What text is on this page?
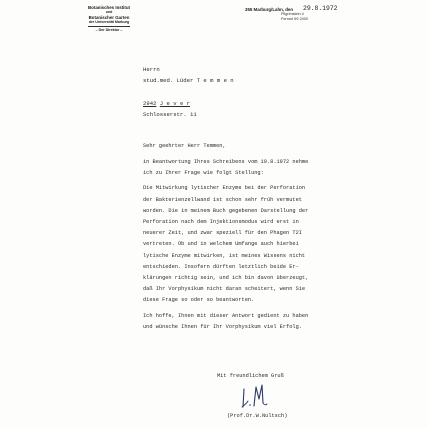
Botanisches Institut
und
Botanischer Garten
der Universität Marburg
– Der Direktor –
355 Marburg/Lahn, den	29.8.1972
Pilgrimstein 4
Fernruf 69 2400
Herrn
stud.med. Lüder T e m m e n
2942 J e v e r
Schlosserstr. 11

Sehr geehrter Herr Temmen,

in Beantwortung Ihres Schreibens vom 10.8.1972 nehme
ich zu Ihrer Frage wie folgt Stellung:
Die Mitwirkung lytischer Enzyme bei der Perforation
der Bakterienzellwand ist schon sehr früh vermutet
worden. Die in meinem Buch gegebenen Darstellung der
Perforation nach dem Injektionsmodus wird erst in
neuerer Zeit, und zwar speziell für den Phagen T2I
vertreten. Ob und in welchem Umfange auch hierbei
lytische Enzyme mitwirken, ist meines Wissens nicht
entschieden. Insofern dürften letztlich beide Er-
klärungen richtig sein, und ich bin davon überzeugt,
daß Ihr Vorphysikum nicht daran scheitert, wenn Sie
diese Frage so oder so beantworten.
Ich hoffe, Ihnen mit dieser Antwort gedient zu haben
und wünsche Ihnen für Ihr Vorphysikum viel Erfolg.
Mit freundlichem Gruß
(Prof.Dr.W.Nultsch)
